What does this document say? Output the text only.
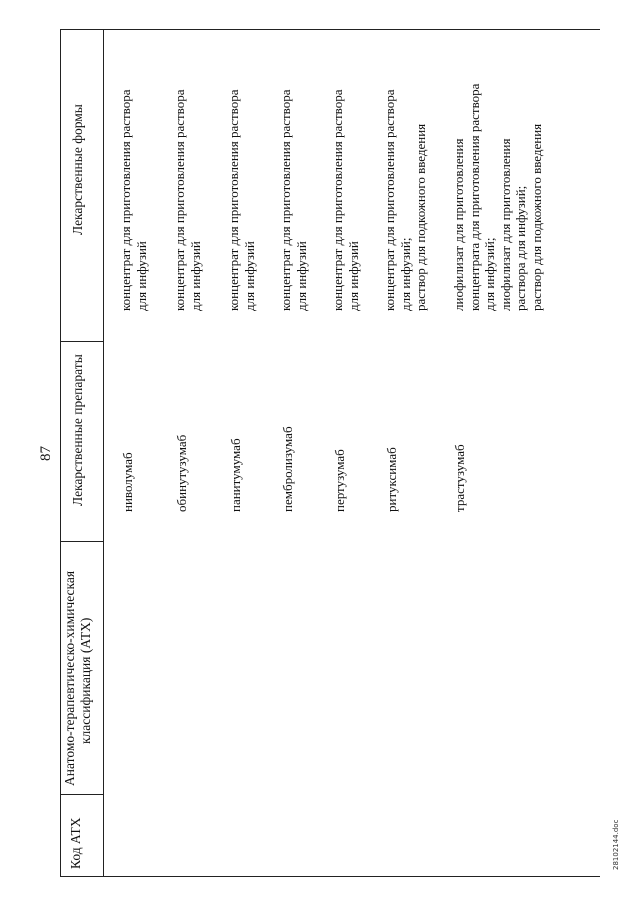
87
Код АТХ
Анатомо-терапевтическо-химическая классификация (АТХ)
Лекарственные препараты
Лекарственные формы
ниволумаб
концентрат для приготовления раствора для инфузий
обинутузумаб
концентрат для приготовления раствора для инфузий
панитумумаб
концентрат для приготовления раствора для инфузий
пембролизумаб
концентрат для приготовления раствора для инфузий
пертузумаб
концентрат для приготовления раствора для инфузий
ритуксимаб
концентрат для приготовления раствора для инфузий; раствор для подкожного введения
трастузумаб
лиофилизат для приготовления концентрата для приготовления раствора для инфузий; лиофилизат для приготовления раствора для инфузий; раствор для подкожного введения
28102144.doc
